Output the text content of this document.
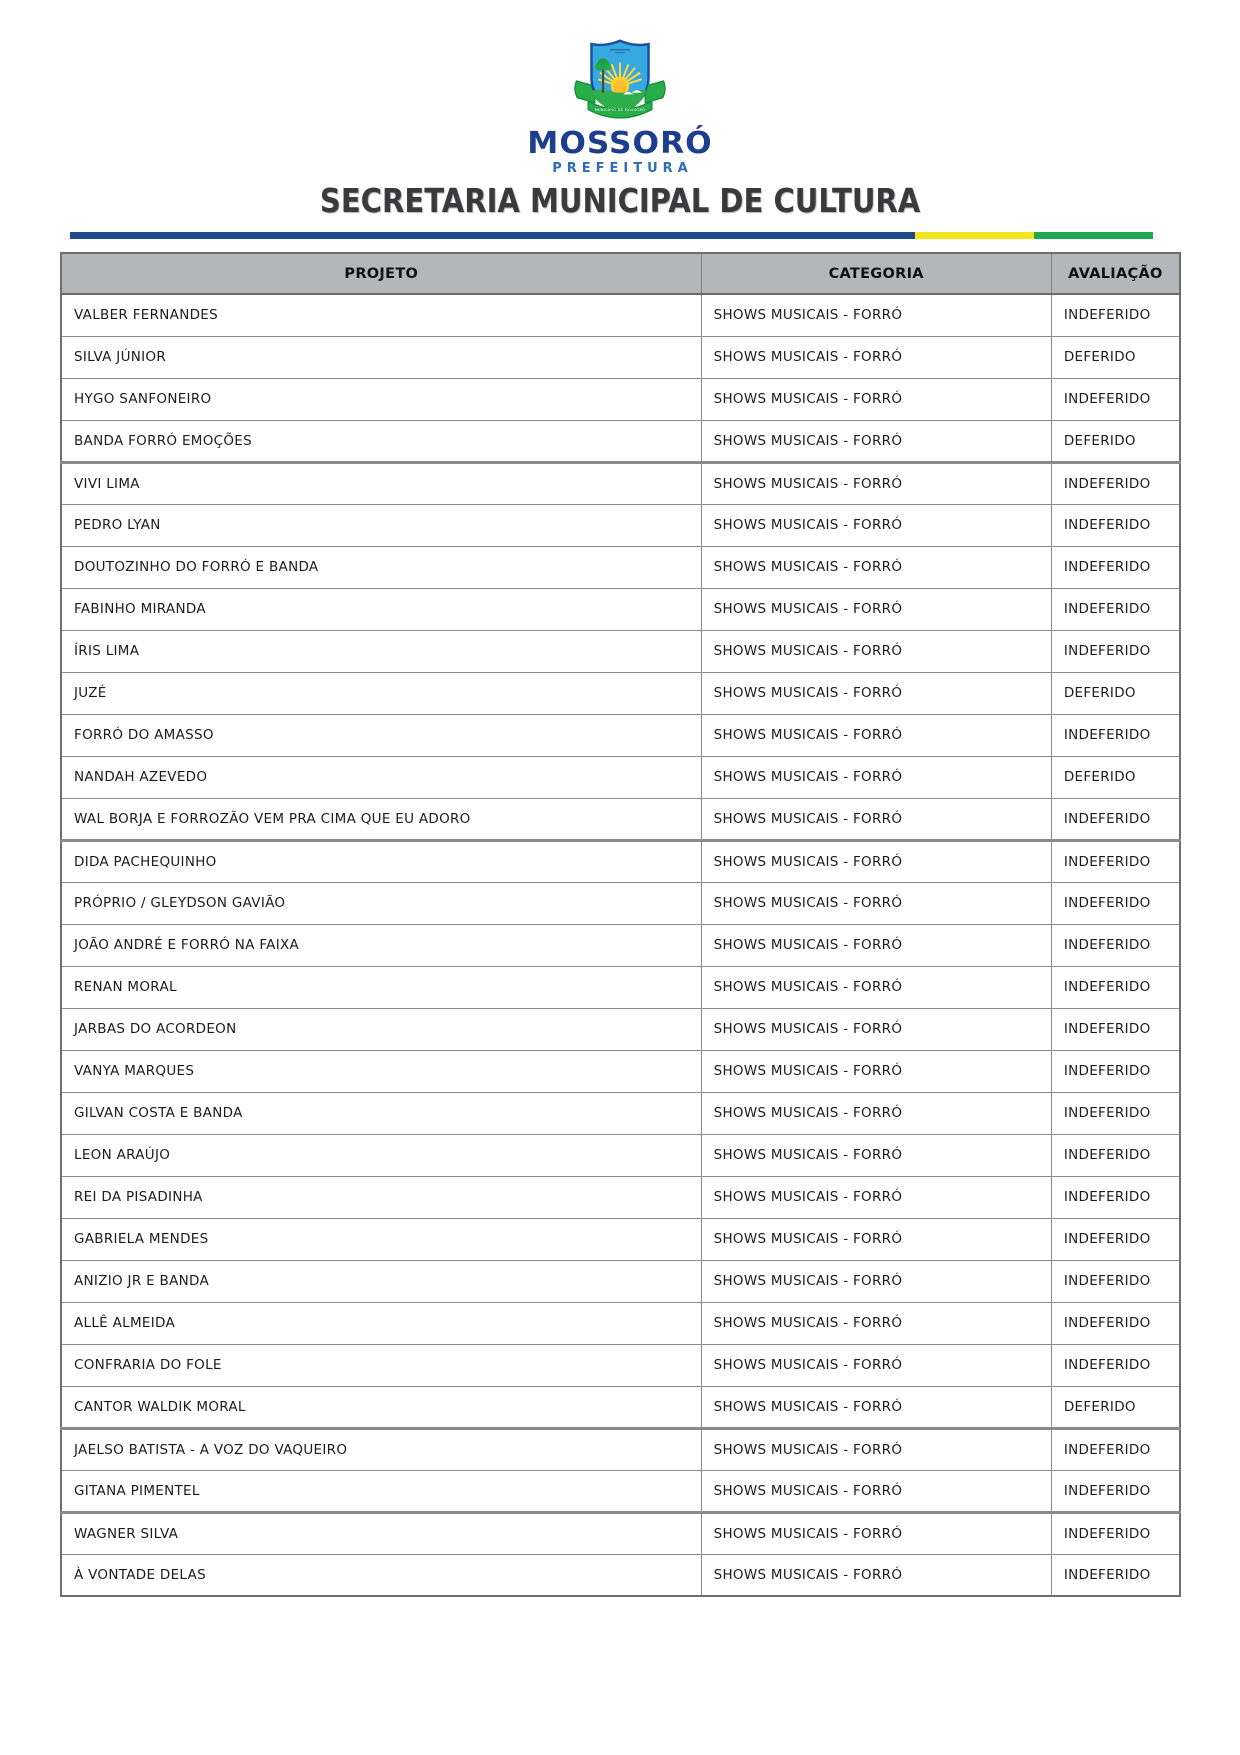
MUNICÍPIO DE MOSSORÓ
MOSSORÓ
PREFEITURA
SECRETARIA MUNICIPAL DE CULTURA
PROJETO	CATEGORIA	AVALIAÇÃO
VALBER FERNANDES	SHOWS MUSICAIS - FORRÓ	INDEFERIDO
SILVA JÚNIOR	SHOWS MUSICAIS - FORRÓ	DEFERIDO
HYGO SANFONEIRO	SHOWS MUSICAIS - FORRÓ	INDEFERIDO
BANDA FORRÓ EMOÇÕES	SHOWS MUSICAIS - FORRÓ	DEFERIDO
VIVI LIMA	SHOWS MUSICAIS - FORRÓ	INDEFERIDO
PEDRO LYAN	SHOWS MUSICAIS - FORRÓ	INDEFERIDO
DOUTOZINHO DO FORRÓ E BANDA	SHOWS MUSICAIS - FORRÓ	INDEFERIDO
FABINHO MIRANDA	SHOWS MUSICAIS - FORRÓ	INDEFERIDO
ÍRIS LIMA	SHOWS MUSICAIS - FORRÓ	INDEFERIDO
JUZÉ	SHOWS MUSICAIS - FORRÓ	DEFERIDO
FORRÓ DO AMASSO	SHOWS MUSICAIS - FORRÓ	INDEFERIDO
NANDAH AZEVEDO	SHOWS MUSICAIS - FORRÓ	DEFERIDO
WAL BORJA E FORROZÃO VEM PRA CIMA QUE EU ADORO	SHOWS MUSICAIS - FORRÓ	INDEFERIDO
DIDA PACHEQUINHO	SHOWS MUSICAIS - FORRÓ	INDEFERIDO
PRÓPRIO / GLEYDSON GAVIÃO	SHOWS MUSICAIS - FORRÓ	INDEFERIDO
JOÃO ANDRÉ E FORRÓ NA FAIXA	SHOWS MUSICAIS - FORRÓ	INDEFERIDO
RENAN MORAL	SHOWS MUSICAIS - FORRÓ	INDEFERIDO
JARBAS DO ACORDEON	SHOWS MUSICAIS - FORRÓ	INDEFERIDO
VANYA MARQUES	SHOWS MUSICAIS - FORRÓ	INDEFERIDO
GILVAN COSTA E BANDA	SHOWS MUSICAIS - FORRÓ	INDEFERIDO
LEON ARAÚJO	SHOWS MUSICAIS - FORRÓ	INDEFERIDO
REI DA PISADINHA	SHOWS MUSICAIS - FORRÓ	INDEFERIDO
GABRIELA MENDES	SHOWS MUSICAIS - FORRÓ	INDEFERIDO
ANIZIO JR E BANDA	SHOWS MUSICAIS - FORRÓ	INDEFERIDO
ALLÊ ALMEIDA	SHOWS MUSICAIS - FORRÓ	INDEFERIDO
CONFRARIA DO FOLE	SHOWS MUSICAIS - FORRÓ	INDEFERIDO
CANTOR WALDIK MORAL	SHOWS MUSICAIS - FORRÓ	DEFERIDO
JAELSO BATISTA - A VOZ DO VAQUEIRO	SHOWS MUSICAIS - FORRÓ	INDEFERIDO
GITANA PIMENTEL	SHOWS MUSICAIS - FORRÓ	INDEFERIDO
WAGNER SILVA	SHOWS MUSICAIS - FORRÓ	INDEFERIDO
À VONTADE DELAS	SHOWS MUSICAIS - FORRÓ	INDEFERIDO
